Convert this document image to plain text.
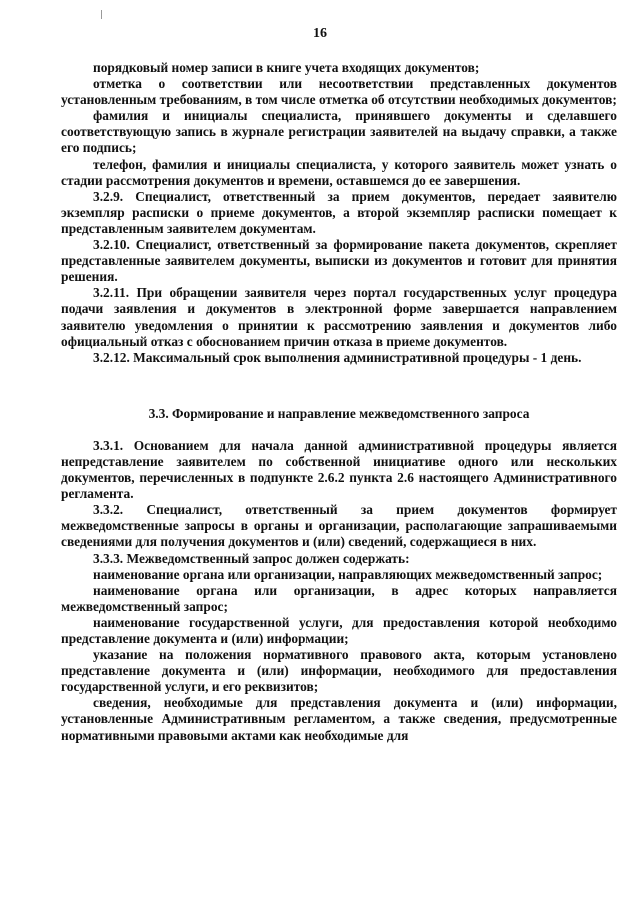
16

порядковый номер записи в книге учета входящих документов;

отметка о соответствии или несоответствии представленных документов установленным требованиям, в том числе отметка об отсутствии необходимых документов;

фамилия и инициалы специалиста, принявшего документы и сделавшего соответствующую запись в журнале регистрации заявителей на выдачу справки, а также его подпись;

телефон, фамилия и инициалы специалиста, у которого заявитель может узнать о стадии рассмотрения документов и времени, оставшемся до ее завершения.

3.2.9. Специалист, ответственный за прием документов, передает заявителю экземпляр расписки о приеме документов, а второй экземпляр расписки помещает к представленным заявителем документам.

3.2.10. Специалист, ответственный за формирование пакета документов, скрепляет представленные заявителем документы, выписки из документов и готовит для принятия решения.

3.2.11. При обращении заявителя через портал государственных услуг процедура подачи заявления и документов в электронной форме завершается направлением заявителю уведомления о принятии к рассмотрению заявления и документов либо официальный отказ с обоснованием причин отказа в приеме документов.

3.2.12. Максимальный срок выполнения административной процедуры - 1 день.

3.3. Формирование и направление межведомственного запроса

3.3.1. Основанием для начала данной административной процедуры является непредставление заявителем по собственной инициативе одного или нескольких документов, перечисленных в подпункте 2.6.2 пункта 2.6 настоящего Административного регламента.

3.3.2. Специалист, ответственный за прием документов формирует межведомственные запросы в органы и организации, располагающие запрашиваемыми сведениями для получения документов и (или) сведений, содержащиеся в них.

3.3.3. Межведомственный запрос должен содержать:

наименование органа или организации, направляющих межведомственный запрос;

наименование органа или организации, в адрес которых направляется межведомственный запрос;

наименование государственной услуги, для предоставления которой необходимо представление документа и (или) информации;

указание на положения нормативного правового акта, которым установлено представление документа и (или) информации, необходимого для предоставления государственной услуги, и его реквизитов;

сведения, необходимые для представления документа и (или) информации, установленные Административным регламентом, а также сведения, предусмотренные нормативными правовыми актами как необходимые для
